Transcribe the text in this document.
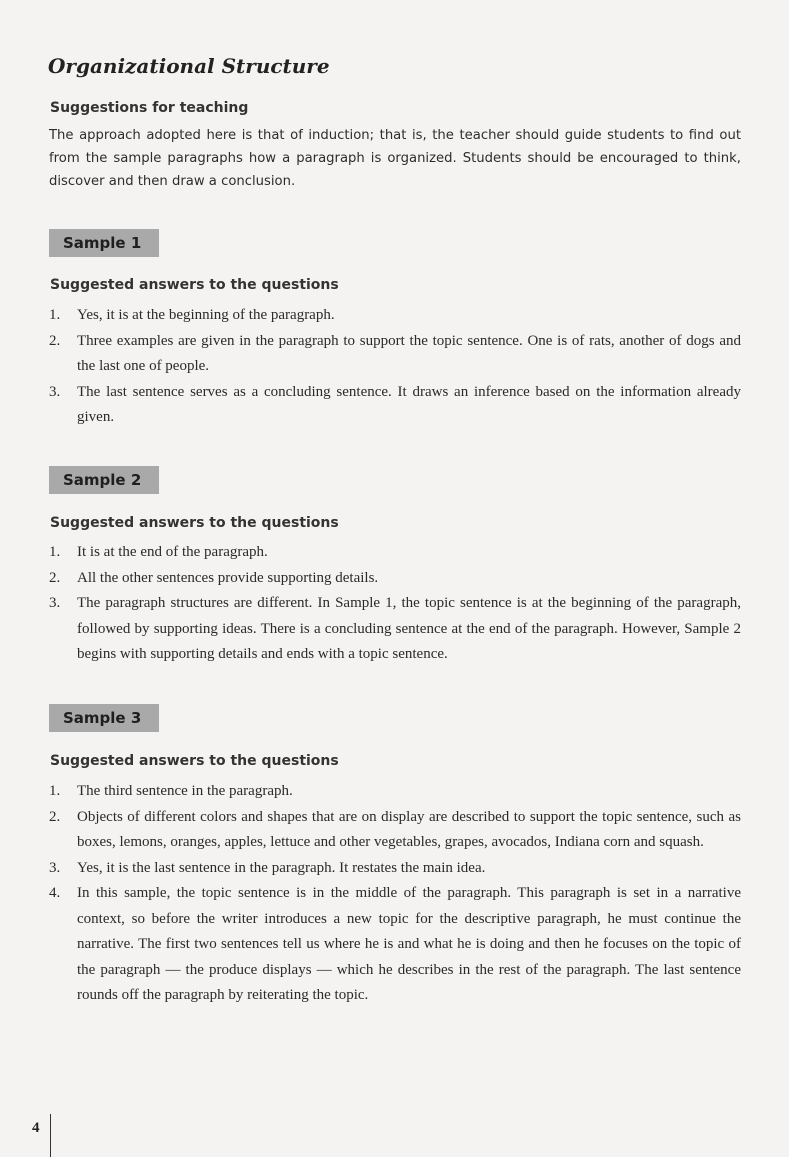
Organizational Structure
Suggestions for teaching

The approach adopted here is that of induction; that is, the teacher should guide students to find out from the sample paragraphs how a paragraph is organized. Students should be encouraged to think, discover and then draw a conclusion.

Sample 1
Suggested answers to the questions
1. Yes, it is at the beginning of the paragraph.
2. Three examples are given in the paragraph to support the topic sentence. One is of rats, another of dogs and the last one of people.
3. The last sentence serves as a concluding sentence. It draws an inference based on the information already given.
Sample 2
Suggested answers to the questions
1. It is at the end of the paragraph.
2. All the other sentences provide supporting details.
3. The paragraph structures are different. In Sample 1, the topic sentence is at the beginning of the paragraph, followed by supporting ideas. There is a concluding sentence at the end of the paragraph. However, Sample 2 begins with supporting details and ends with a topic sentence.
Sample 3
Suggested answers to the questions
1. The third sentence in the paragraph.
2. Objects of different colors and shapes that are on display are described to support the topic sentence, such as boxes, lemons, oranges, apples, lettuce and other vegetables, grapes, avocados, Indiana corn and squash.
3. Yes, it is the last sentence in the paragraph. It restates the main idea.
4. In this sample, the topic sentence is in the middle of the paragraph. This paragraph is set in a narrative context, so before the writer introduces a new topic for the descriptive paragraph, he must continue the narrative. The first two sentences tell us where he is and what he is doing and then he focuses on the topic of the paragraph — the produce displays — which he describes in the rest of the paragraph. The last sentence rounds off the paragraph by reiterating the topic.
4
